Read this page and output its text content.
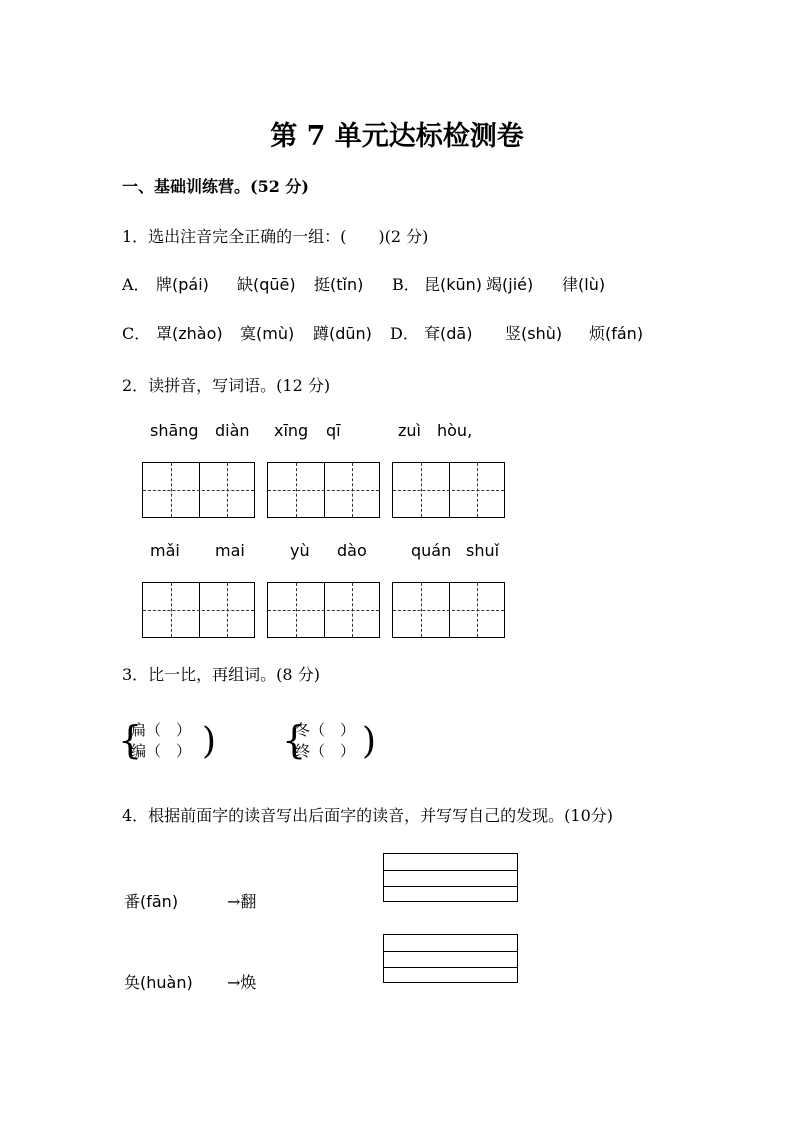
第 7 单元达标检测卷
一、基础训练营。(52 分)
1．选出注音完全正确的一组：(　　)(2 分)
A． 牌(pái) 缺(qūē) 挺(tǐn) B． 昆(kūn) 竭(jié) 律(lù)
C． 罩(zhào) 寞(mù) 蹲(dūn) D． 耷(dā) 竖(shù) 烦(fán)
2．读拼音，写词语。(12 分)
shāng diàn xīng qī	zuì hòu,
mǎi mai	yù dào	quán shuǐ
3．比一比，再组词。(8 分)
{
扁（　）
编（　） ) {
冬（　）
终（　） )
4．根据前面字的读音写出后面字的读音，并写写自己的发现。(10分)
番(fān)	→翻
奂(huàn) →焕
